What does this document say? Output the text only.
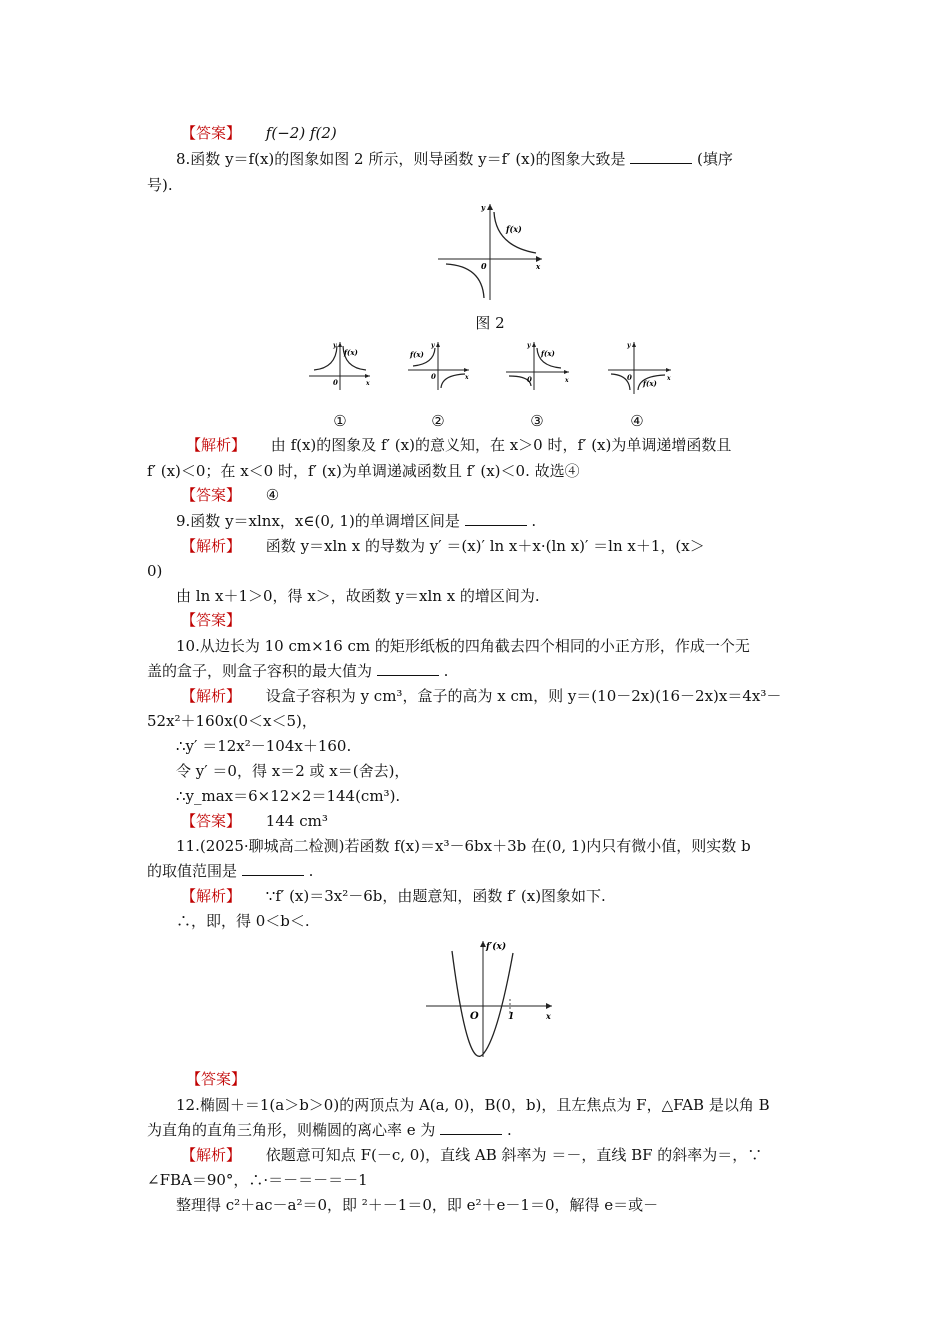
【答案】 f(−2) f(2)
8.函数 y＝f(x)的图象如图 2 所示，则导函数 y＝f′ (x)的图象大致是	(填序
号).
f(x)
0	x
y
图 2
f(x)
0	x
y
①
f(x)
0	x
y
②
f(x)
0	x
y
③
f(x)
0	x
y
④
【解析】 由 f(x)的图象及 f′ (x)的意义知，在 x＞0 时，f′ (x)为单调递增函数且
f′ (x)＜0；在 x＜0 时，f′ (x)为单调递减函数且 f′ (x)＜0. 故选④
【答案】 ④
9.函数 y＝xlnx，x∈(0, 1)的单调增区间是	.
【解析】 函数 y＝xln x 的导数为 y′ ＝(x)′ ln x＋x·(ln x)′ ＝ln x＋1，(x＞
0)
由 ln x＋1＞0，得 x＞，故函数 y＝xln x 的增区间为.
【答案】
10.从边长为 10 cm×16 cm 的矩形纸板的四角截去四个相同的小正方形，作成一个无
盖的盒子，则盒子容积的最大值为	.
【解析】 设盒子容积为 y cm³，盒子的高为 x cm，则 y＝(10－2x)(16－2x)x＝4x³－
52x²＋160x(0＜x＜5)，
∴y′ ＝12x²－104x＋160.
令 y′ ＝0，得 x＝2 或 x＝(舍去)，
∴y_max＝6×12×2＝144(cm³).
【答案】 144 cm³
11.(2025·聊城高二检测)若函数 f(x)＝x³－6bx＋3b 在(0, 1)内只有微小值，则实数 b
的取值范围是	.
【解析】 ∵f′ (x)＝3x²－6b，由题意知，函数 f′ (x)图象如下.
∴，即，得 0＜b＜.
f′(x)
O	1	x
【答案】
12.椭圆＋＝1(a＞b＞0)的两顶点为 A(a, 0)，B(0，b)，且左焦点为 F，△FAB 是以角 B
为直角的直角三角形，则椭圆的离心率 e 为	.
【解析】 依题意可知点 F(－c, 0)，直线 AB 斜率为 ＝－，直线 BF 的斜率为＝，∵
∠FBA＝90°，∴·＝－＝－＝－1
整理得 c²＋ac－a²＝0，即 ²＋－1＝0，即 e²＋e－1＝0，解得 e＝或－
